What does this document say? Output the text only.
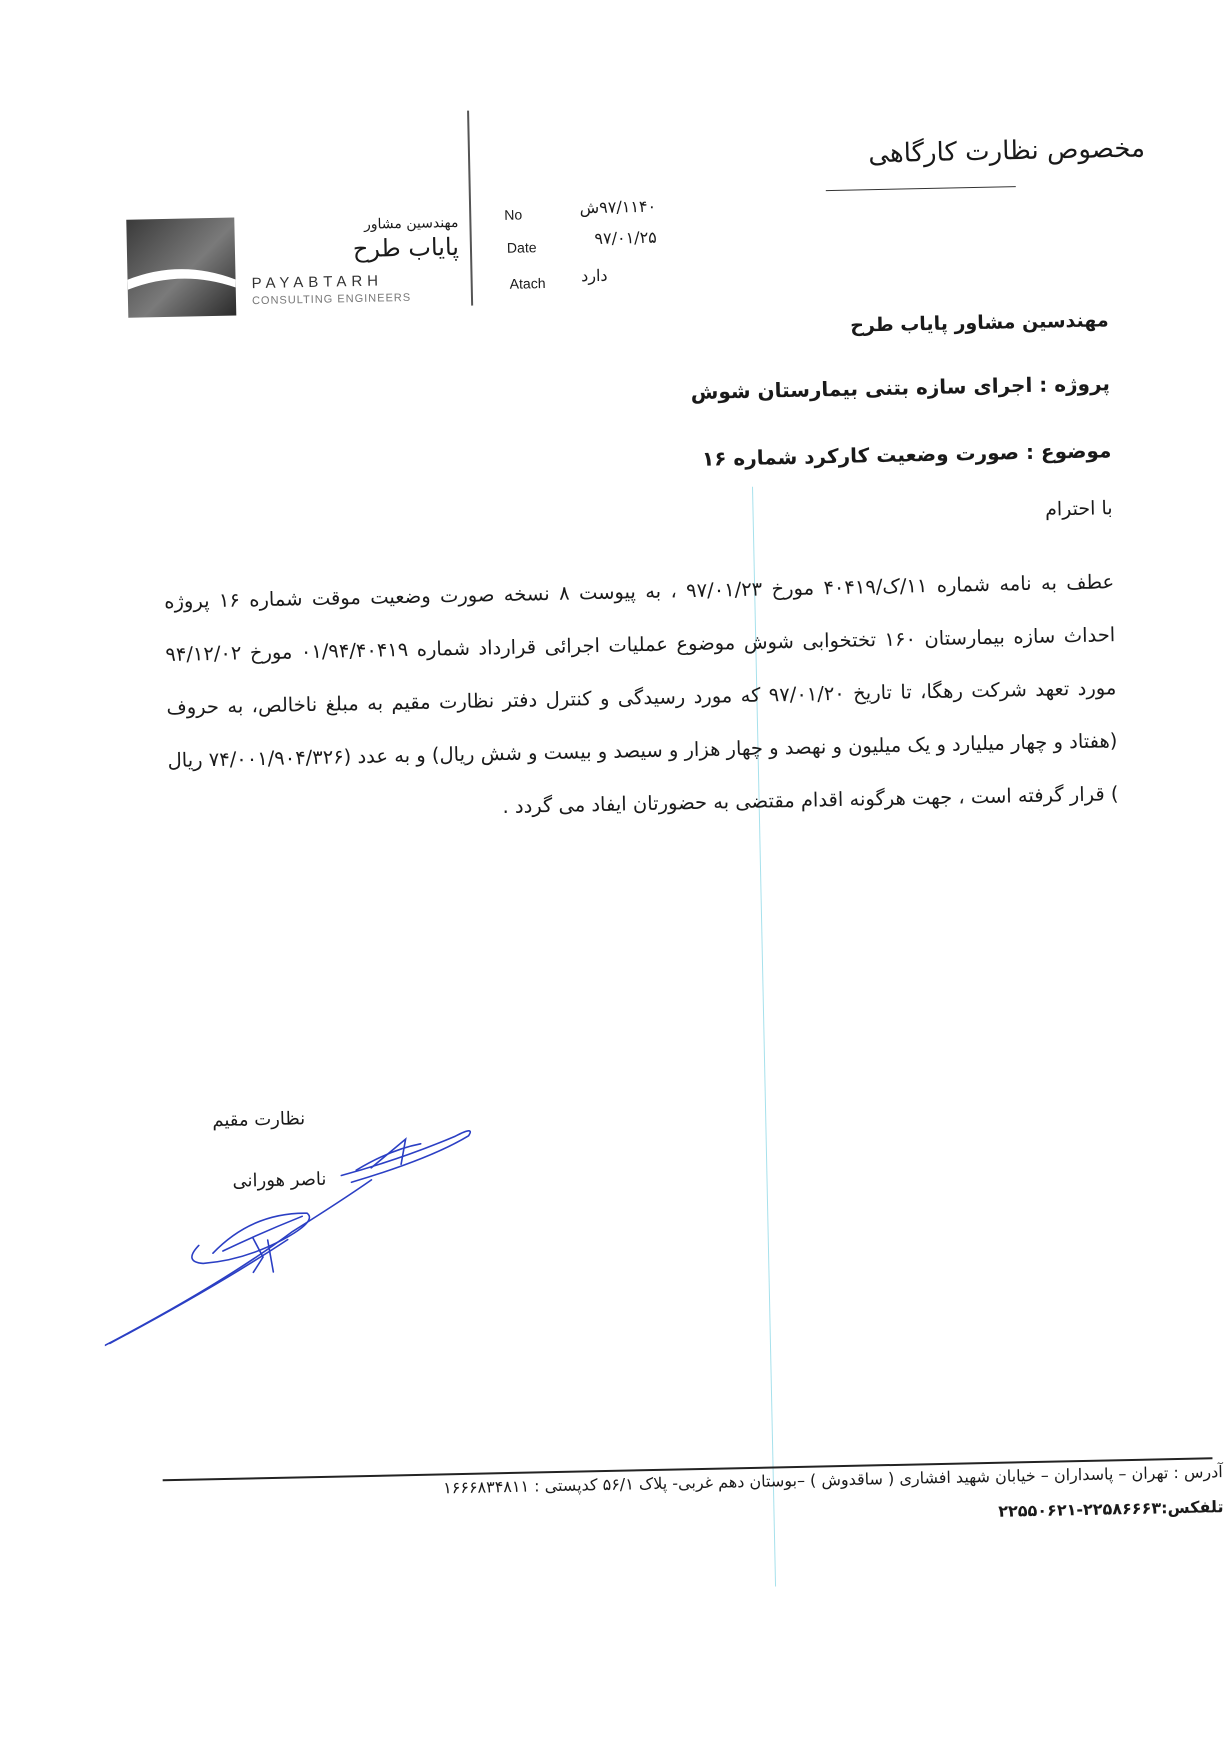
مخصوص نظارت کارگاهی
مهندسین مشاور
پایاب طرح
PAYABTARH
CONSULTING ENGINEERS
No	۹۷/۱۱۴۰ش
Date	۹۷/۰۱/۲۵
Atach	دارد
مهندسین مشاور پایاب طرح
پروژه : اجرای سازه بتنی بیمارستان شوش
موضوع : صورت وضعیت کارکرد شماره ۱۶
با احترام
عطف به نامه شماره ۱۱/ک/۴۰۴۱۹ مورخ ۹۷/۰۱/۲۳ ، به پیوست ۸ نسخه صورت وضعیت موقت شماره ۱۶ پروژه احداث سازه بیمارستان ۱۶۰ تختخوابی شوش موضوع عملیات اجرائی قرارداد شماره ۰۱/۹۴/۴۰۴۱۹ مورخ ۹۴/۱۲/۰۲ مورد تعهد شرکت رهگا، تا تاریخ ۹۷/۰۱/۲۰ که مورد رسیدگی و کنترل دفتر نظارت مقیم به مبلغ ناخالص، به حروف (هفتاد و چهار میلیارد و یک میلیون و نهصد و چهار هزار و سیصد و بیست و شش ریال) و به عدد (۷۴/۰۰۱/۹۰۴/۳۲۶ ریال ) قرار گرفته است ، جهت هرگونه اقدام مقتضی به حضورتان ایفاد می گردد .
نظارت مقیم
ناصر هورانی
آدرس : تهران – پاسداران – خیابان شهید افشاری ( ساقدوش ) –بوستان دهم غربی- پلاک ۵۶/۱ کدپستی : ۱۶۶۶۸۳۴۸۱۱
تلفکس:۲۲۵۸۶۶۶۳-۲۲۵۵۰۶۲۱
